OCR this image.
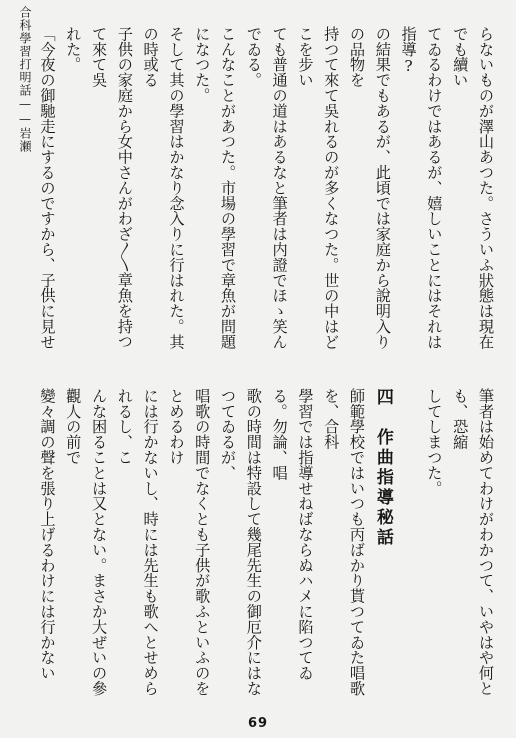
合科學習打明話——岩瀬	らないものが澤山あつた。さういふ狀態は現在でも續い

てゐるわけではあるが、嬉しいことにはそれは指導?

の結果でもあるが、此頃では家庭から說明入りの品物を

持つて來て吳れるのが多くなつた。世の中はどこを步い

ても普通の道はあるなと筆者は内證でほゝ笑んでゐる。

こんなことがあつた。市場の學習で章魚が問題になつた。

そして其の學習はかなり念入りに行はれた。其の時或る

子供の家庭から女中さんがわざ〳〵章魚を持つて來て吳

れた。

「今夜の御馳走にするのですから、子供に見せ

筆者は始めてわけがわかつて、いやはや何とも、恐縮

してしまつた。

四　作曲指導秘話

師範學校ではいつも丙ばかり貰つてゐた唱歌を、合科

學習では指導せねばならぬハメに陷つてゐる。勿論、唱

歌の時間は特設して幾尾先生の御厄介にはなつてゐるが、

唱歌の時間でなくとも子供が歌ふといふのをとめるわけ

には行かないし、時には先生も歌へとせめられるし、こ

んな困ることは又とない。まさか大ぜいの參觀人の前で

變々調の聲を張り上げるわけには行かない

69
